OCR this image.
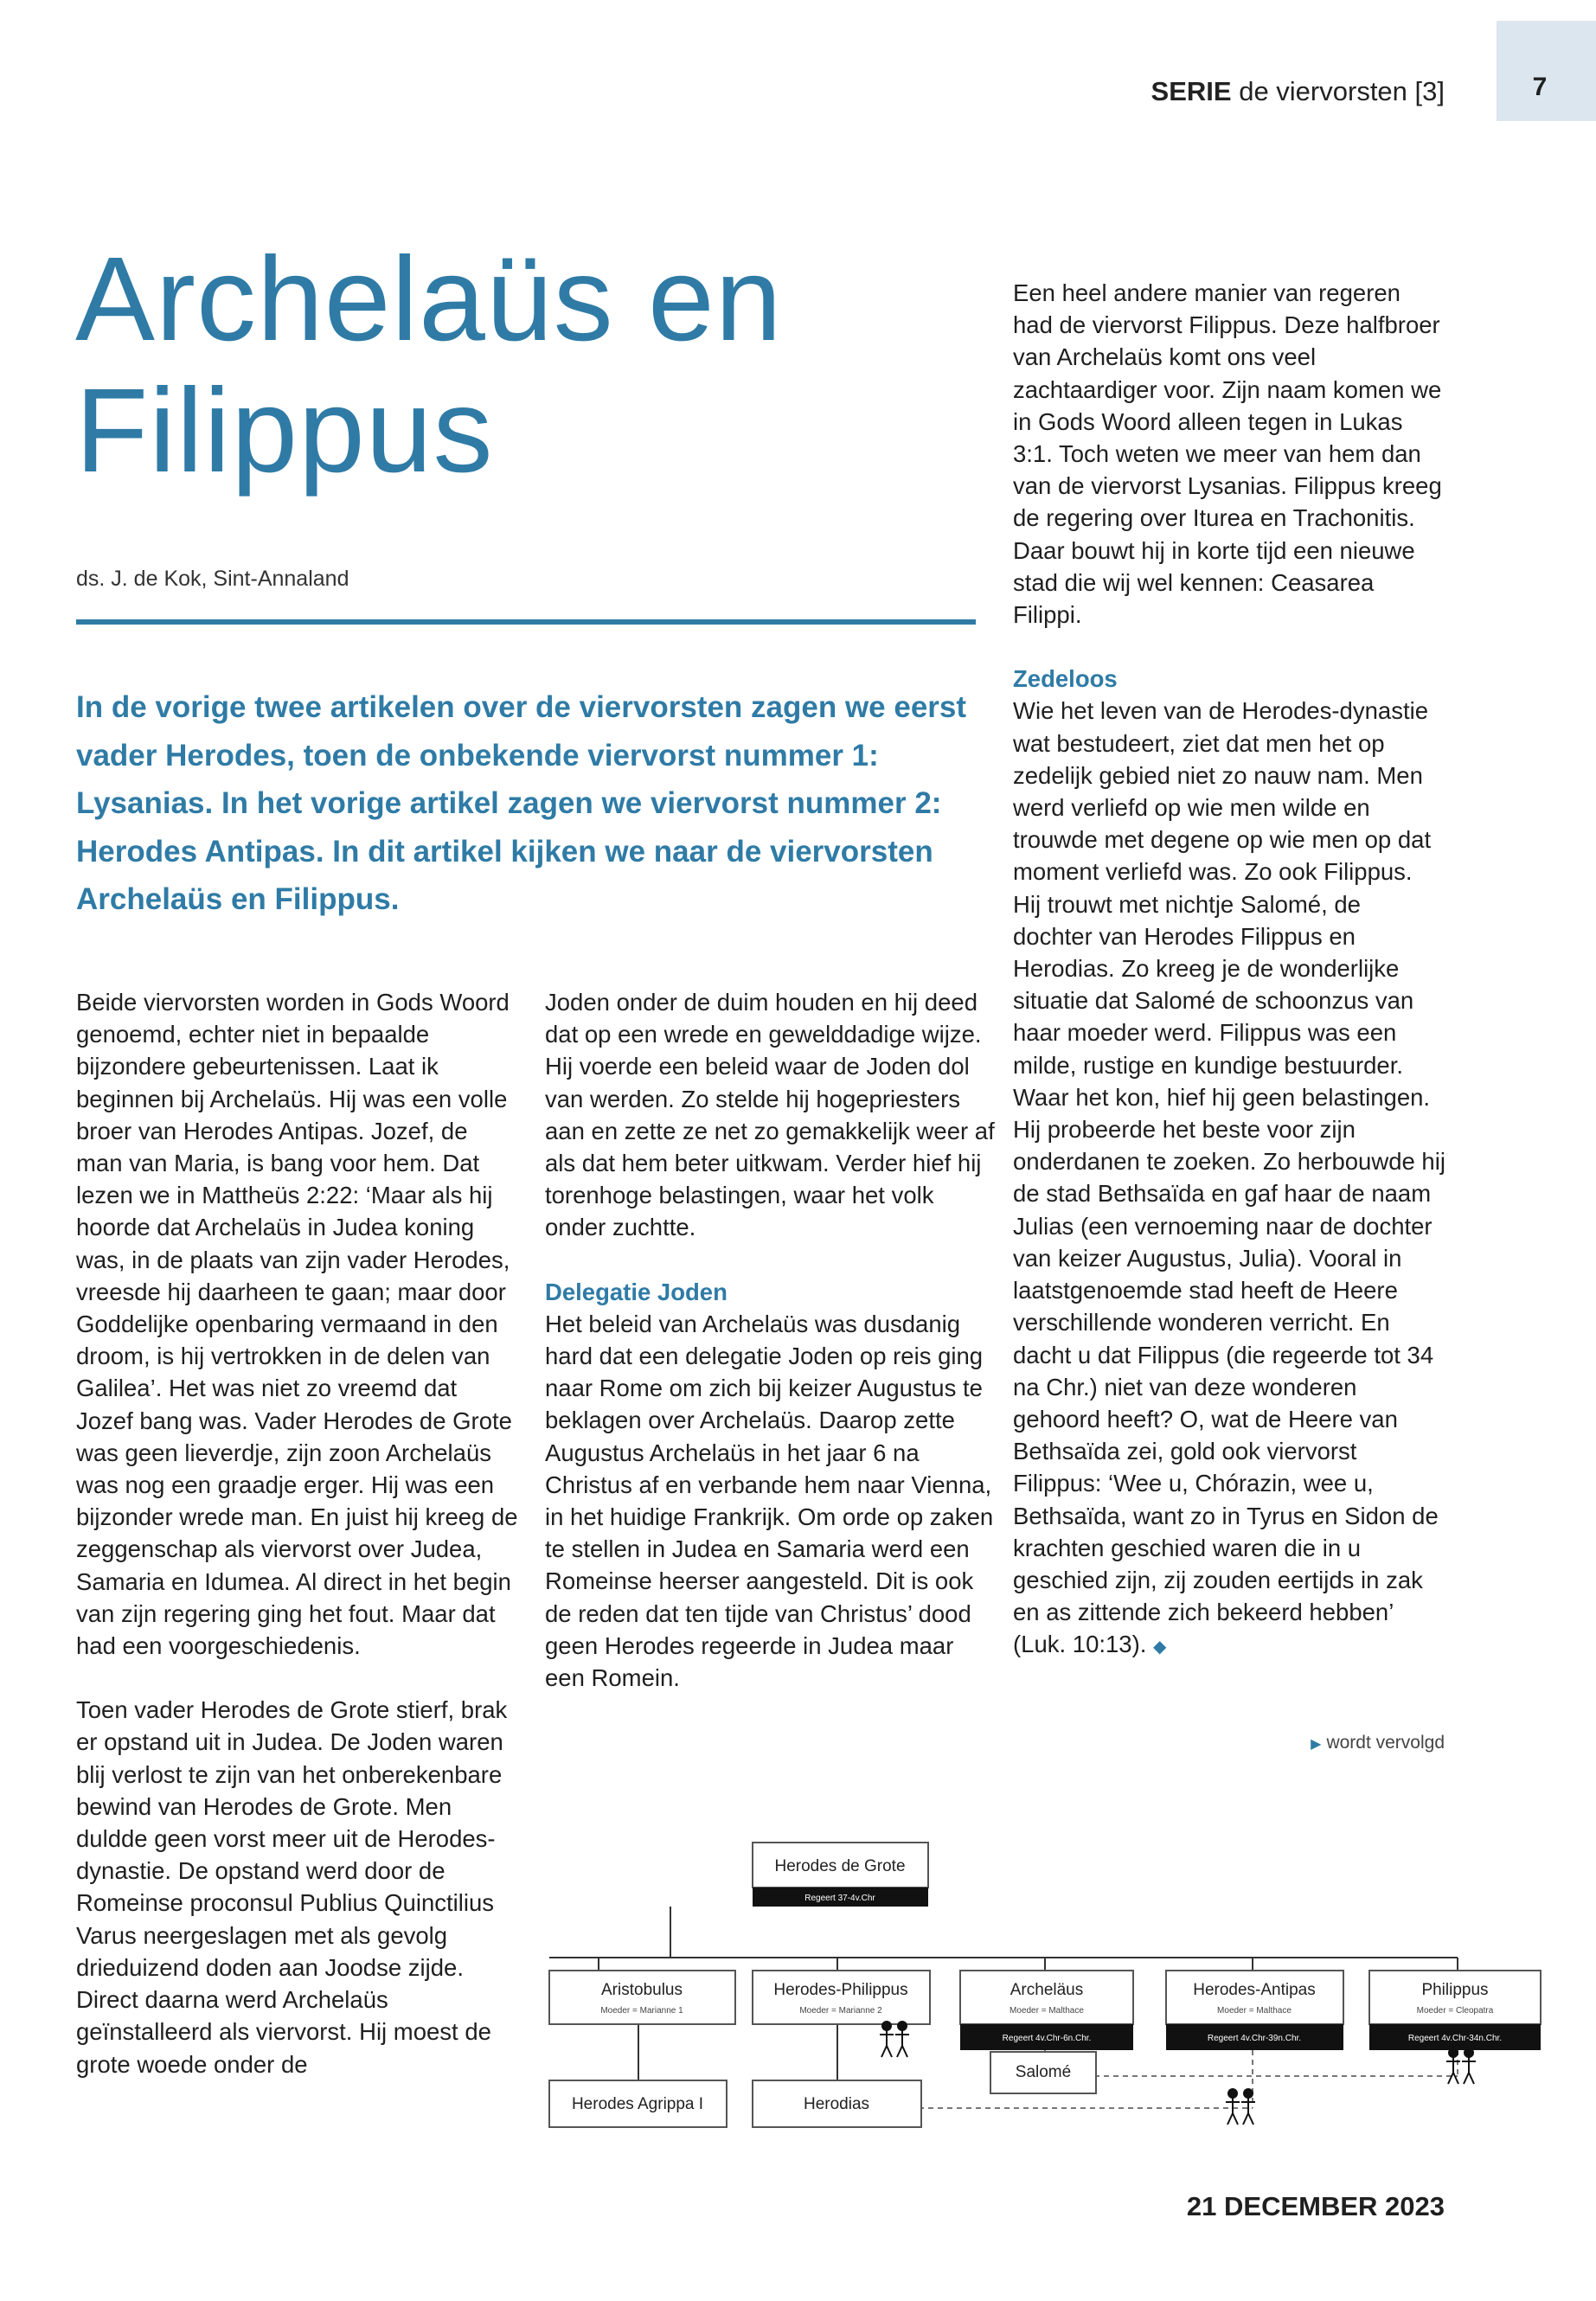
7
SERIE de viervorsten [3]
Archelaüs en
Filippus
ds. J. de Kok, Sint-Annaland
In de vorige twee artikelen over de viervorsten zagen we eerst vader Herodes, toen de onbekende viervorst nummer 1: Lysanias. In het vorige artikel zagen we viervorst nummer 2: Herodes Antipas. In dit artikel kijken we naar de viervorsten Archelaüs en Filippus.

Beide viervorsten worden in Gods Woord genoemd, echter niet in bepaalde bijzondere gebeurtenissen. Laat ik beginnen bij Archelaüs. Hij was een volle broer van Herodes Antipas. Jozef, de man van Maria, is bang voor hem. Dat lezen we in Mattheüs 2:22: ‘Maar als hij hoorde dat Archelaüs in Judea koning was, in de plaats van zijn vader Herodes, vreesde hij daarheen te gaan; maar door Goddelijke openbaring vermaand in den droom, is hij vertrokken in de delen van Galilea’. Het was niet zo vreemd dat Jozef bang was. Vader Herodes de Grote was geen lieverdje, zijn zoon Archelaüs was nog een graadje erger. Hij was een bijzonder wrede man. En juist hij kreeg de zeggenschap als viervorst over Judea, Samaria en Idumea. Al direct in het begin van zijn regering ging het fout. Maar dat had een voorgeschiedenis.

Toen vader Herodes de Grote stierf, brak er opstand uit in Judea. De Joden waren blij verlost te zijn van het onberekenbare bewind van Herodes de Grote. Men duldde geen vorst meer uit de Herodes-dynastie. De opstand werd door de Romeinse proconsul Publius Quinctilius Varus neergeslagen met als gevolg drieduizend doden aan Joodse zijde. Direct daarna werd Archelaüs geïnstalleerd als viervorst. Hij moest de grote woede onder de

Joden onder de duim houden en hij deed dat op een wrede en gewelddadige wijze. Hij voerde een beleid waar de Joden dol van werden. Zo stelde hij hogepriesters aan en zette ze net zo gemakkelijk weer af als dat hem beter uitkwam. Verder hief hij torenhoge belastingen, waar het volk onder zuchtte.

Delegatie Joden

Het beleid van Archelaüs was dusdanig hard dat een delegatie Joden op reis ging naar Rome om zich bij keizer Augustus te beklagen over Archelaüs. Daarop zette Augustus Archelaüs in het jaar 6 na Christus af en verbande hem naar Vienna, in het huidige Frankrijk. Om orde op zaken te stellen in Judea en Samaria werd een Romeinse heerser aangesteld. Dit is ook de reden dat ten tijde van Christus’ dood geen Herodes regeerde in Judea maar een Romein.

Een heel andere manier van regeren had de viervorst Filippus. Deze halfbroer van Archelaüs komt ons veel zachtaardiger voor. Zijn naam komen we in Gods Woord alleen tegen in Lukas 3:1. Toch weten we meer van hem dan van de viervorst Lysanias. Filippus kreeg de regering over Iturea en Trachonitis. Daar bouwt hij in korte tijd een nieuwe stad die wij wel kennen: Ceasarea Filippi.

Zedeloos

Wie het leven van de Herodes-dynastie wat bestudeert, ziet dat men het op zedelijk gebied niet zo nauw nam. Men werd verliefd op wie men wilde en trouwde met degene op wie men op dat moment verliefd was. Zo ook Filippus. Hij trouwt met nichtje Salomé, de dochter van Herodes Filippus en Herodias. Zo kreeg je de wonderlijke situatie dat Salomé de schoonzus van haar moeder werd. Filippus was een milde, rustige en kundige bestuurder. Waar het kon, hief hij geen belastingen. Hij probeerde het beste voor zijn onderdanen te zoeken. Zo herbouwde hij de stad Bethsaïda en gaf haar de naam Julias (een vernoeming naar de dochter van keizer Augustus, Julia). Vooral in laatstgenoemde stad heeft de Heere verschillende wonderen verricht. En dacht u dat Filippus (die regeerde tot 34 na Chr.) niet van deze wonderen gehoord heeft? O, wat de Heere van Bethsaïda zei, gold ook viervorst Filippus: ‘Wee u, Chórazin, wee u, Bethsaïda, want zo in Tyrus en Sidon de krachten geschied waren die in u geschied zijn, zij zouden eertijds in zak en as zittende zich bekeerd hebben’ (Luk. 10:13). ◆

▶ wordt vervolgd
Herodes de Grote
Aristobulus	Herodes-Philippus	Archeläus	Herodes-Antipas	Philippus
Herodes Agrippa I	Herodias
Salomé
Moeder = Marianne 1	Moeder = Marianne 2	Moeder = Malthace	Moeder = Malthace	Moeder = Cleopatra
Regeert 37-4v.Chr
Regeert 4v.Chr-6n.Chr.	Regeert 4v.Chr-39n.Chr.	Regeert 4v.Chr-34n.Chr.
21 DECEMBER 2023
